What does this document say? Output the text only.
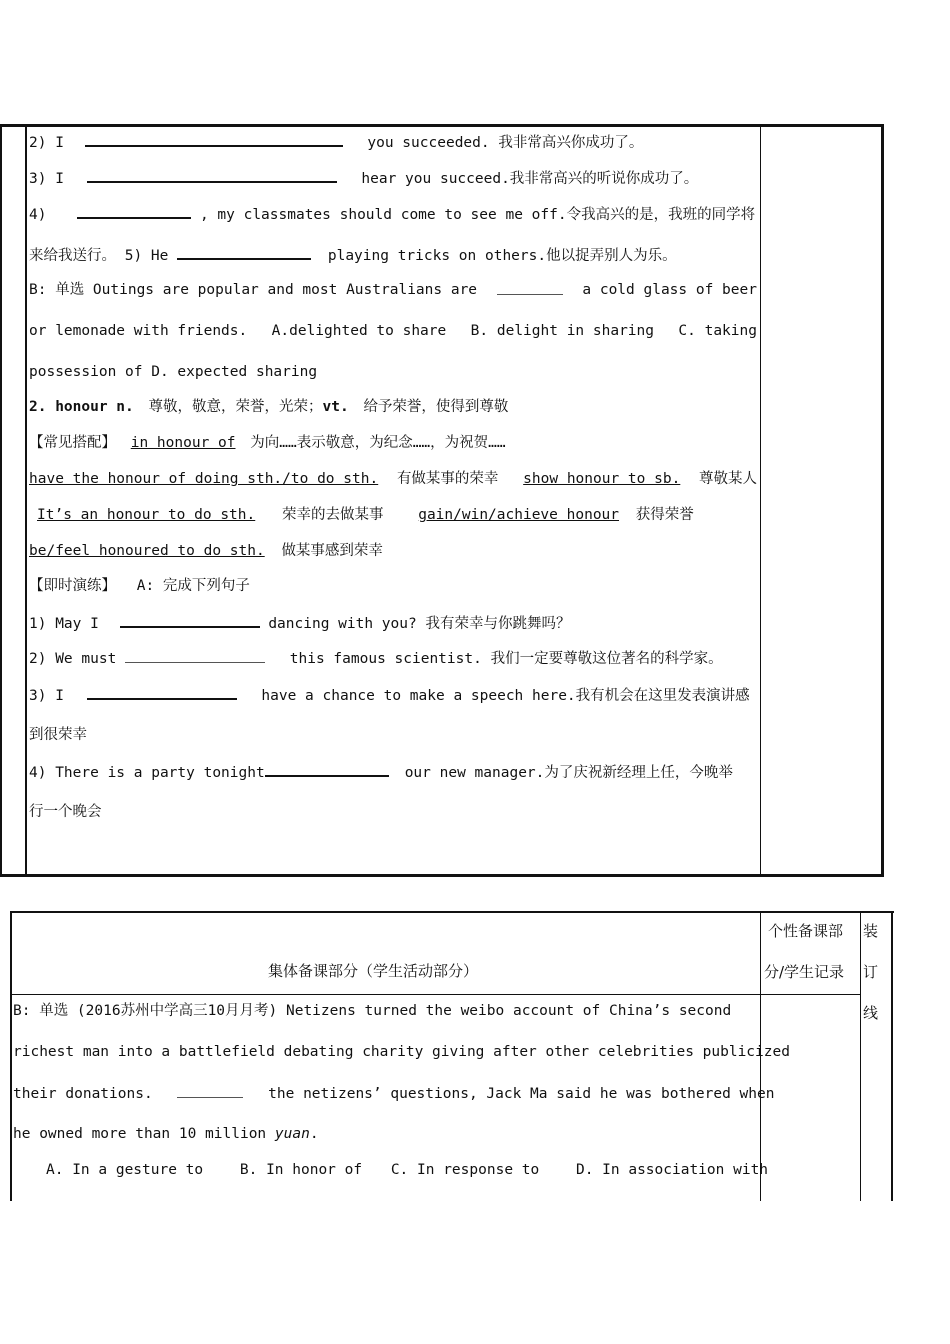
2) I	you succeeded. 我非常高兴你成功了。
3) I	hear you succeed.我非常高兴的听说你成功了。
4)	, my classmates should come to see me off.令我高兴的是，我班的同学将
来给我送行。 5) He	playing tricks on others.他以捉弄别人为乐。
B: 单选 Outings are popular and most Australians are	a cold glass of beer
or lemonade with friends. A.delighted to share B. delight in sharing C. taking
possession of D. expected sharing
2. honour n. 尊敬，敬意，荣誉，光荣；vt. 给予荣誉，使得到尊敬
【常见搭配】 in honour of 为向……表示敬意，为纪念……，为祝贺……
have the honour of doing sth./to do sth. 有做某事的荣幸 show honour to sb. 尊敬某人
It’s an honour to do sth. 荣幸的去做某事 gain/win/achieve honour 获得荣誉
be/feel honoured to do sth. 做某事感到荣幸
【即时演练】 A: 完成下列句子
1) May I	dancing with you? 我有荣幸与你跳舞吗？
2) We must	this famous scientist. 我们一定要尊敬这位著名的科学家。
3) I	have a chance to make a speech here.我有机会在这里发表演讲感
到很荣幸
4) There is a party tonight	our new manager.为了庆祝新经理上任，今晚举
行一个晚会
集体备课部分（学生活动部分）
个性备课部
分/学生记录
装
订
线
B: 单选 (2016苏州中学高三10月月考) Netizens turned the weibo account of China’s second
richest man into a battlefield debating charity giving after other celebrities publicized
their donations.	the netizens’ questions, Jack Ma said he was bothered when
he owned more than 10 million yuan.
A. In a gesture to	B. In honor of C. In response to	D. In association with
